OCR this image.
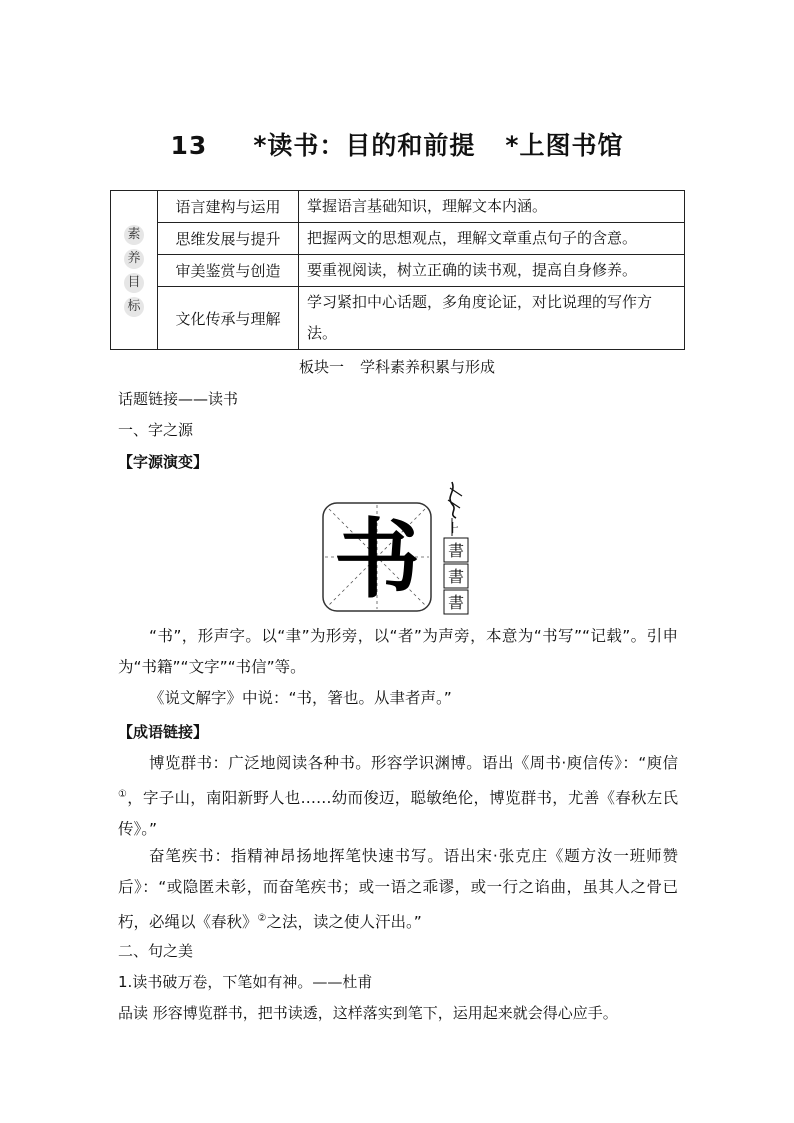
13 *读书：目的和前提 *上图书馆
素
养
目
标	语言建构与运用	掌握语言基础知识，理解文本内涵。
	思维发展与提升	把握两文的思想观点，理解文章重点句子的含意。
	审美鉴赏与创造	要重视阅读，树立正确的读书观，提高自身修养。
	文化传承与理解	学习紧扣中心话题，多角度论证，对比说理的写作方法。
板块一 学科素养积累与形成
话题链接——读书
一、字之源
【字源演变】
书 ⺊
書
書
書
“书”，形声字。以“聿”为形旁，以“者”为声旁，本意为“书写”“记载”。引申为“书籍”“文字”“书信”等。
《说文解字》中说：“书，箸也。从聿者声。”
【成语链接】
博览群书：广泛地阅读各种书。形容学识渊博。语出《周书·庾信传》：“庾信①，字子山，南阳新野人也……幼而俊迈，聪敏绝伦，博览群书，尤善《春秋左氏传》。”
奋笔疾书：指精神昂扬地挥笔快速书写。语出宋·张克庄《题方汝一班师赞后》：“或隐匿未彰，而奋笔疾书；或一语之乖谬，或一行之谄曲，虽其人之骨已朽，必绳以《春秋》②之法，读之使人汗出。”
二、句之美
1.读书破万卷，下笔如有神。——杜甫
品读 形容博览群书，把书读透，这样落实到笔下，运用起来就会得心应手。
